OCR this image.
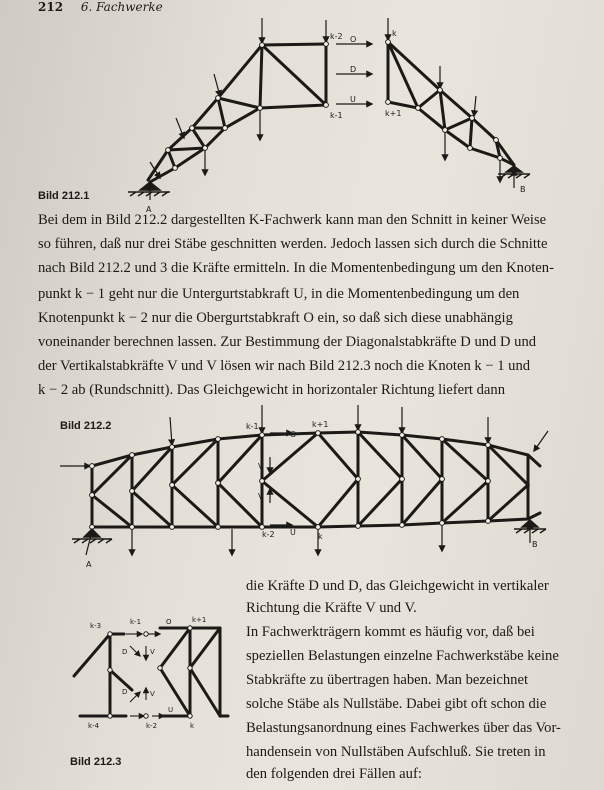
212 6. Fachwerke
k-2	k
O
D
k-1
U
k+1
A
B
Bild 212.1
Bei dem in Bild 212.2 dargestellten K-Fachwerk kann man den Schnitt in keiner Weise
so führen, daß nur drei Stäbe geschnitten werden. Jedoch lassen sich durch die Schnitte
nach Bild 212.2 und 3 die Kräfte ermitteln. In die Momentenbedingung um den Knoten-
punkt k − 1 geht nur die Untergurtstabkraft U, in die Momentenbedingung um den
Knotenpunkt k − 2 nur die Obergurtstabkraft O ein, so daß sich diese unabhängig
voneinander berechnen lassen. Zur Bestimmung der Diagonalstabkräfte D und D und
der Vertikalstabkräfte V und V lösen wir nach Bild 212.3 noch die Knoten k − 1 und
k − 2 ab (Rundschnitt). Das Gleichgewicht in horizontaler Richtung liefert dann
k-1
O
k+1
V
V
k-2 U	k
A
B
Bild 212.2
k-3	k-1	k+1
O
D	V
D	V
k-4	k-2
U
k
Bild 212.3
die Kräfte D und D, das Gleichgewicht in vertikaler
Richtung die Kräfte V und V.
In Fachwerkträgern kommt es häufig vor, daß bei
speziellen Belastungen einzelne Fachwerkstäbe keine
Stabkräfte zu übertragen haben. Man bezeichnet
solche Stäbe als Nullstäbe. Dabei gibt oft schon die
Belastungsanordnung eines Fachwerkes über das Vor-
handensein von Nullstäben Aufschluß. Sie treten in
den folgenden drei Fällen auf:
